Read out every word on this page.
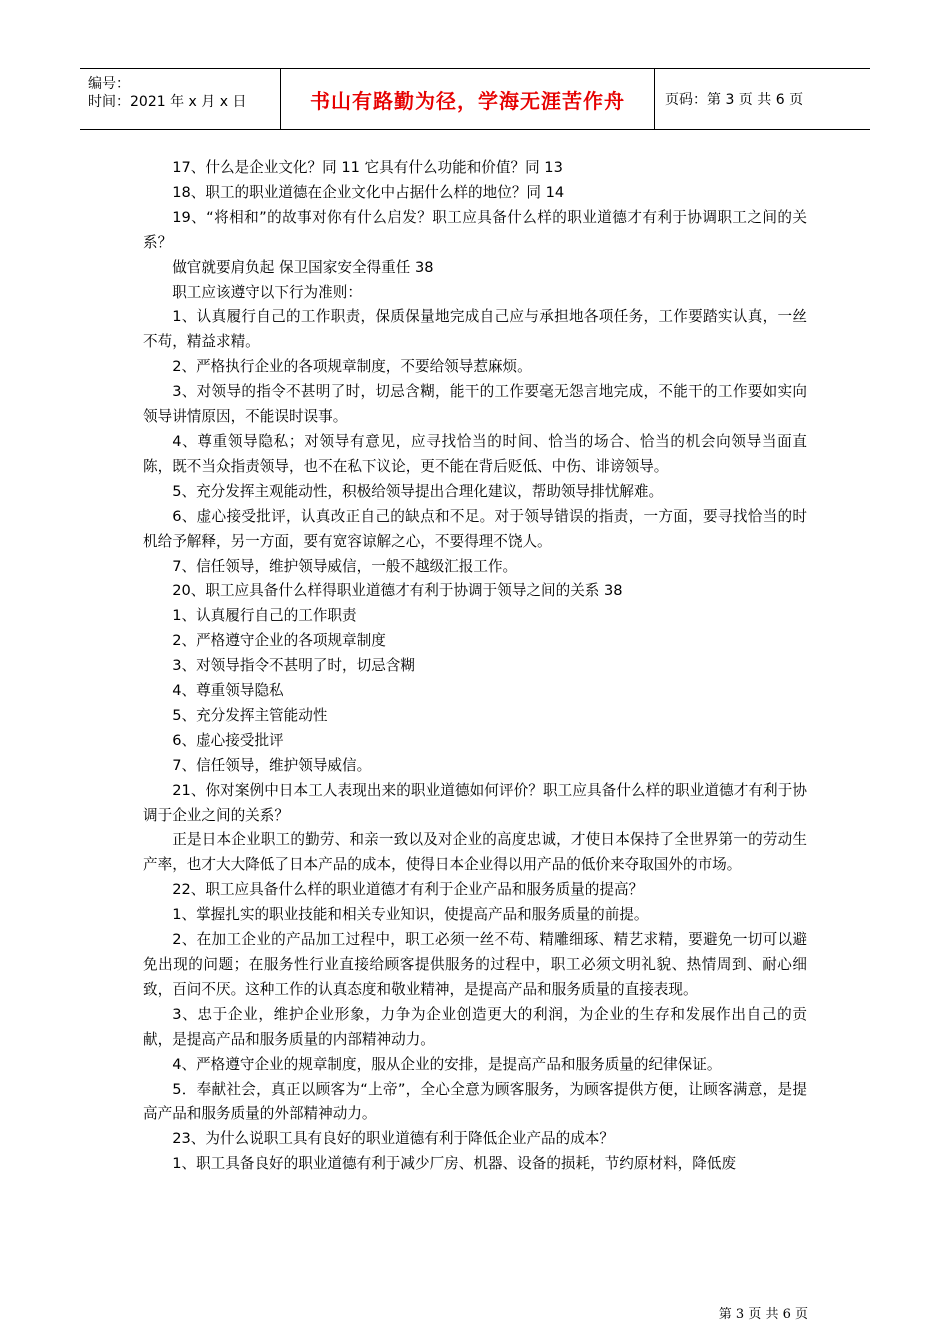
编号：
时间：2021 年 x 月 x 日	书山有路勤为径，学海无涯苦作舟	页码：第 3 页 共 6 页

17、什么是企业文化？同 11 它具有什么功能和价值？同 13

18、职工的职业道德在企业文化中占据什么样的地位？同 14

19、“将相和”的故事对你有什么启发？职工应具备什么样的职业道德才有利于协调职工之间的关系？

做官就要肩负起 保卫国家安全得重任 38

职工应该遵守以下行为准则：

1、认真履行自己的工作职责，保质保量地完成自己应与承担地各项任务，工作要踏实认真，一丝不苟，精益求精。

2、严格执行企业的各项规章制度，不要给领导惹麻烦。

3、对领导的指令不甚明了时，切忌含糊，能干的工作要毫无怨言地完成，不能干的工作要如实向领导讲情原因，不能误时误事。

4、尊重领导隐私；对领导有意见，应寻找恰当的时间、恰当的场合、恰当的机会向领导当面直陈，既不当众指责领导，也不在私下议论，更不能在背后贬低、中伤、诽谤领导。

5、充分发挥主观能动性，积极给领导提出合理化建议，帮助领导排忧解难。

6、虚心接受批评，认真改正自己的缺点和不足。对于领导错误的指责，一方面，要寻找恰当的时机给予解释，另一方面，要有宽容谅解之心，不要得理不饶人。

7、信任领导，维护领导威信，一般不越级汇报工作。

20、职工应具备什么样得职业道德才有利于协调于领导之间的关系 38

1、认真履行自己的工作职责

2、严格遵守企业的各项规章制度

3、对领导指令不甚明了时，切忌含糊

4、尊重领导隐私

5、充分发挥主管能动性

6、虚心接受批评

7、信任领导，维护领导威信。

21、你对案例中日本工人表现出来的职业道德如何评价？职工应具备什么样的职业道德才有利于协调于企业之间的关系？

正是日本企业职工的勤劳、和亲一致以及对企业的高度忠诚，才使日本保持了全世界第一的劳动生产率，也才大大降低了日本产品的成本，使得日本企业得以用产品的低价来夺取国外的市场。

22、职工应具备什么样的职业道德才有利于企业产品和服务质量的提高？

1、掌握扎实的职业技能和相关专业知识，使提高产品和服务质量的前提。

2、在加工企业的产品加工过程中，职工必须一丝不苟、精雕细琢、精艺求精，要避免一切可以避免出现的问题；在服务性行业直接给顾客提供服务的过程中，职工必须文明礼貌、热情周到、耐心细致，百问不厌。这种工作的认真态度和敬业精神，是提高产品和服务质量的直接表现。

3、忠于企业，维护企业形象，力争为企业创造更大的利润，为企业的生存和发展作出自己的贡献，是提高产品和服务质量的内部精神动力。

4、严格遵守企业的规章制度，服从企业的安排，是提高产品和服务质量的纪律保证。

5．奉献社会，真正以顾客为“上帝”，全心全意为顾客服务，为顾客提供方便，让顾客满意，是提高产品和服务质量的外部精神动力。

23、为什么说职工具有良好的职业道德有利于降低企业产品的成本？

1、职工具备良好的职业道德有利于减少厂房、机器、设备的损耗，节约原材料，降低废

第 3 页 共 6 页
